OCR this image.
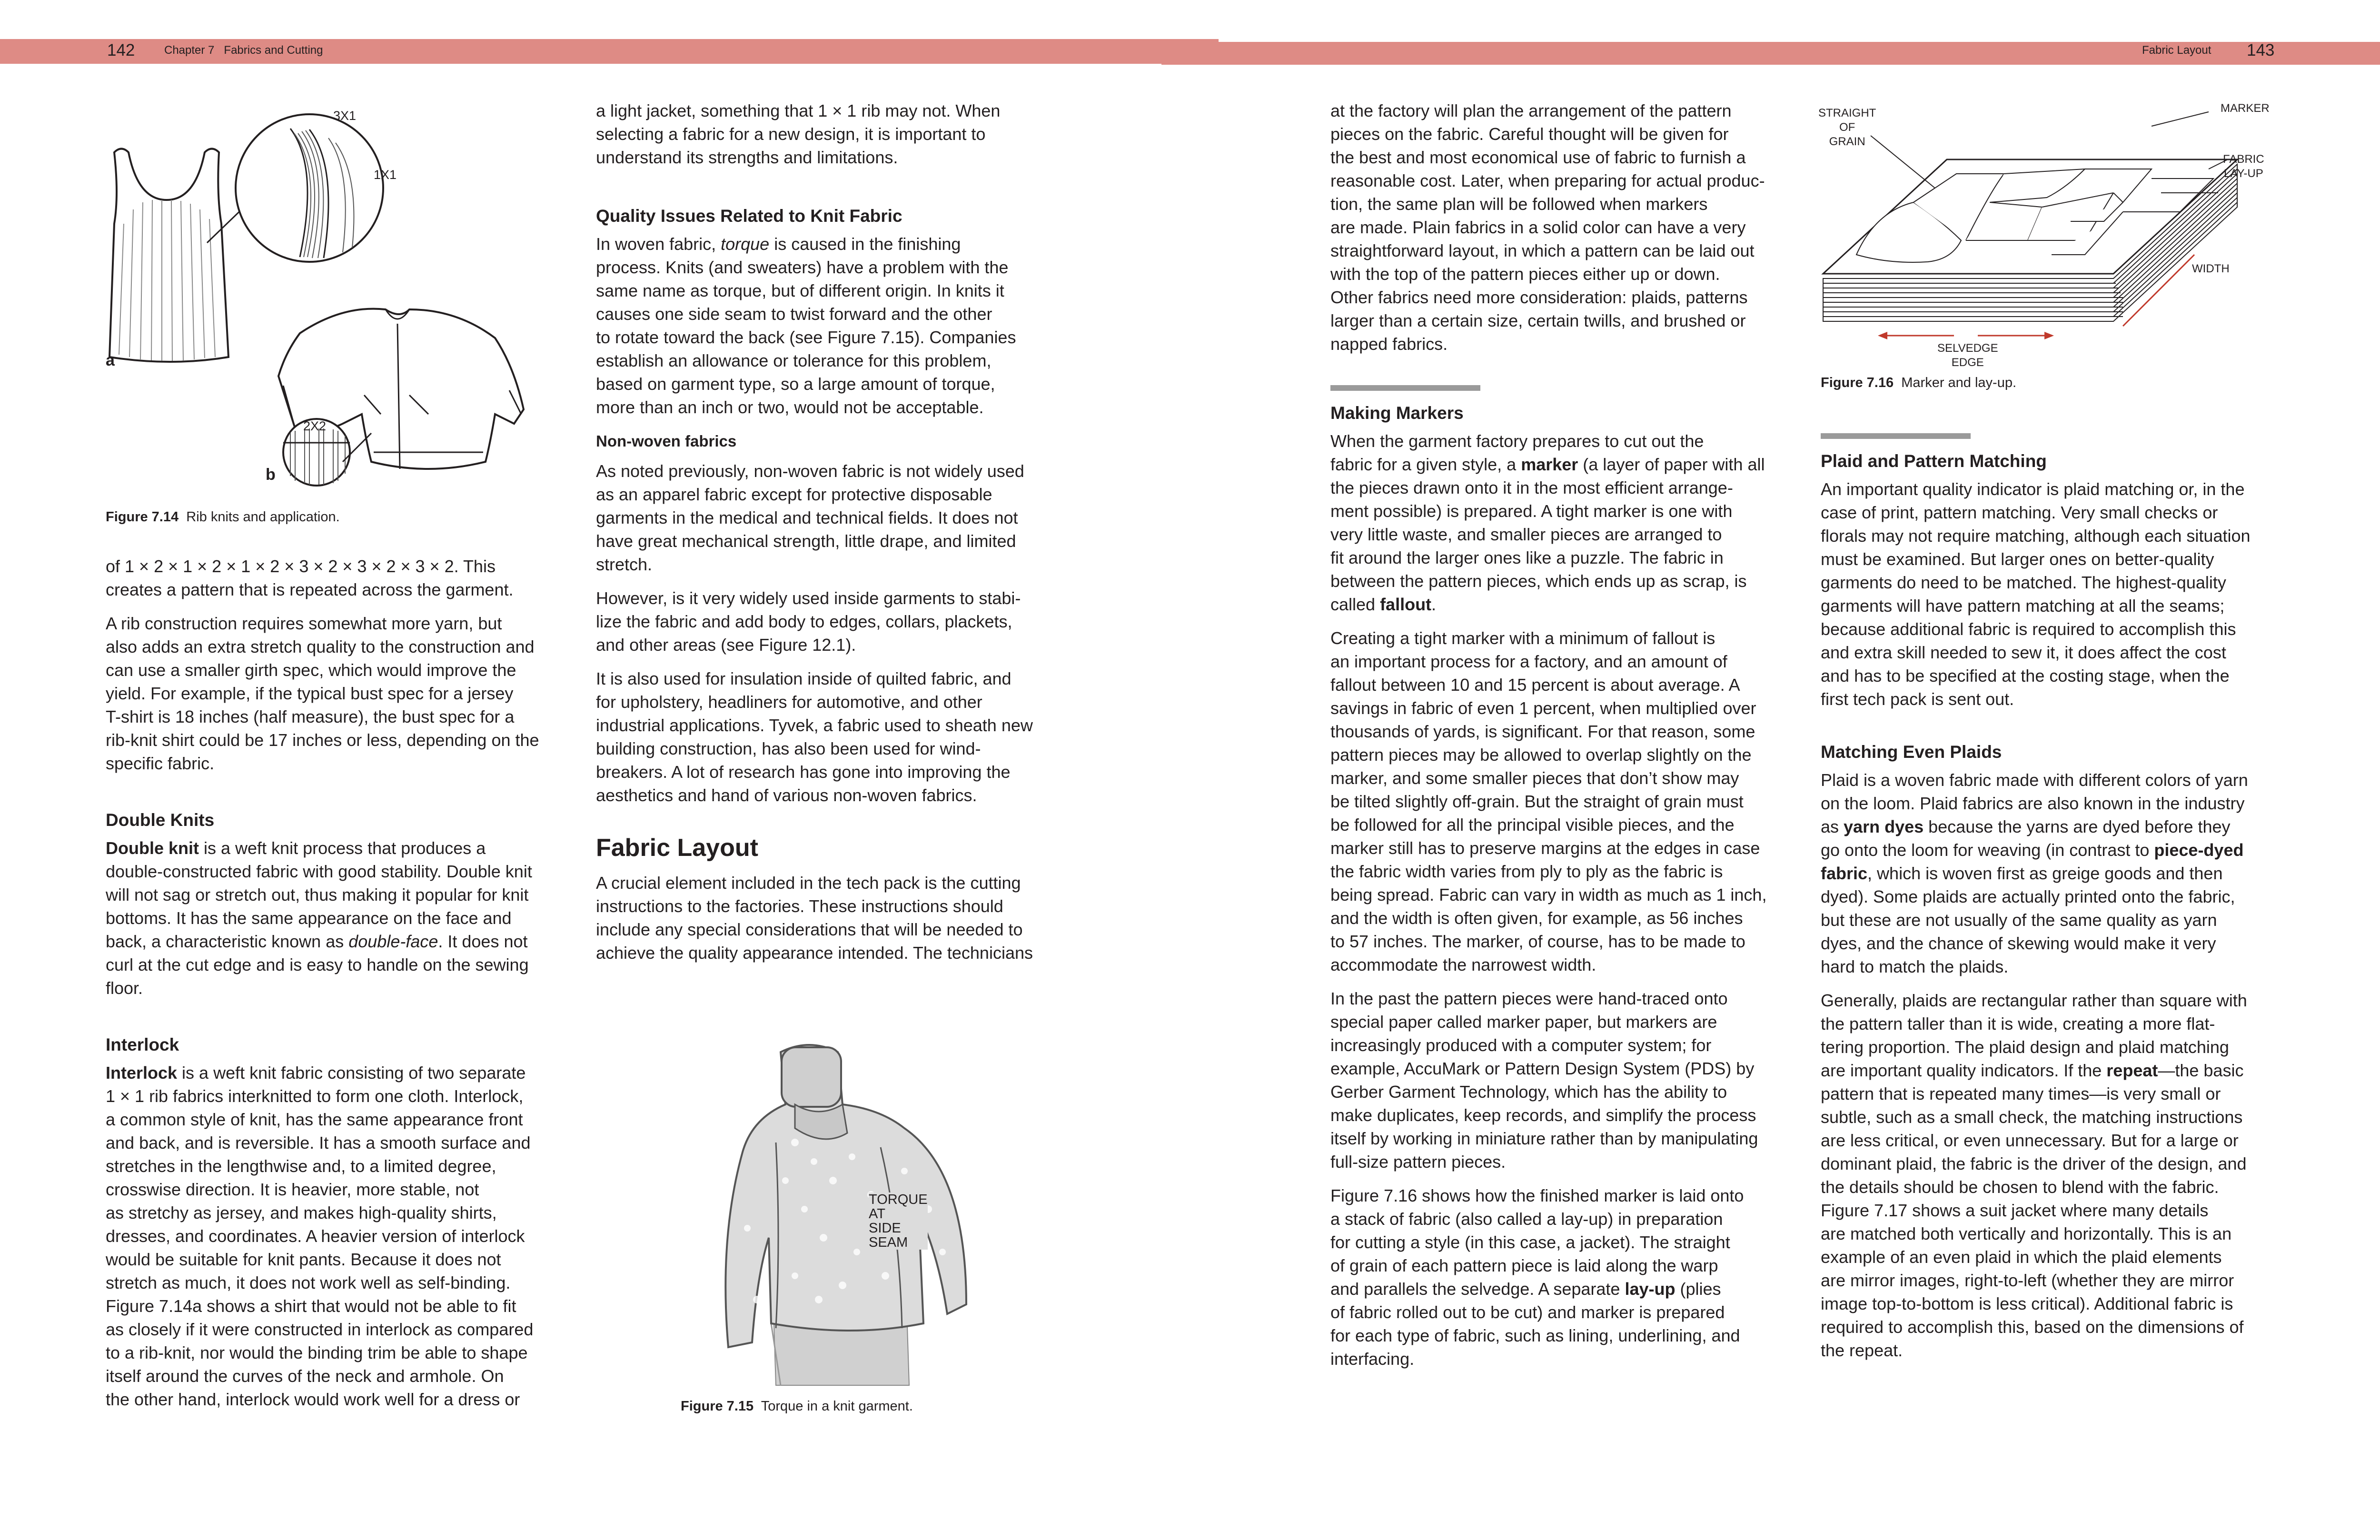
142	Chapter 7   Fabrics and Cutting	Fabric Layout 143
3X1
1X1
2X2
a
b
Figure 7.14 Rib knits and application.

of 1 × 2 × 1 × 2 × 1 × 2 × 3 × 2 × 3 × 2 × 3 × 2. This
creates a pattern that is repeated across the garment.

A rib construction requires somewhat more yarn, but
also adds an extra stretch quality to the construction and
can use a smaller girth spec, which would improve the
yield. For example, if the typical bust spec for a jersey
T-shirt is 18 inches (half measure), the bust spec for a
rib-knit shirt could be 17 inches or less, depending on the
specific fabric.

Double Knits

Double knit is a weft knit process that produces a
double-constructed fabric with good stability. Double knit
will not sag or stretch out, thus making it popular for knit
bottoms. It has the same appearance on the face and
back, a characteristic known as double-face. It does not
curl at the cut edge and is easy to handle on the sewing
floor.

Interlock

Interlock is a weft knit fabric consisting of two separate
1 × 1 rib fabrics interknitted to form one cloth. Interlock,
a common style of knit, has the same appearance front
and back, and is reversible. It has a smooth surface and
stretches in the lengthwise and, to a limited degree,
crosswise direction. It is heavier, more stable, not
as stretchy as jersey, and makes high-quality shirts,
dresses, and coordinates. A heavier version of interlock
would be suitable for knit pants. Because it does not
stretch as much, it does not work well as self-binding.
Figure 7.14a shows a shirt that would not be able to fit
as closely if it were constructed in interlock as compared
to a rib-knit, nor would the binding trim be able to shape
itself around the curves of the neck and armhole. On
the other hand, interlock would work well for a dress or

a light jacket, something that 1 × 1 rib may not. When
selecting a fabric for a new design, it is important to
understand its strengths and limitations.

Quality Issues Related to Knit Fabric

In woven fabric, torque is caused in the finishing
process. Knits (and sweaters) have a problem with the
same name as torque, but of different origin. In knits it
causes one side seam to twist forward and the other
to rotate toward the back (see Figure 7.15). Companies
establish an allowance or tolerance for this problem,
based on garment type, so a large amount of torque,
more than an inch or two, would not be acceptable.

Non-woven fabrics

As noted previously, non-woven fabric is not widely used
as an apparel fabric except for protective disposable
garments in the medical and technical fields. It does not
have great mechanical strength, little drape, and limited
stretch.

However, is it very widely used inside garments to stabi-
lize the fabric and add body to edges, collars, plackets,
and other areas (see Figure 12.1).

It is also used for insulation inside of quilted fabric, and
for upholstery, headliners for automotive, and other
industrial applications. Tyvek, a fabric used to sheath new
building construction, has also been used for wind-
breakers. A lot of research has gone into improving the
aesthetics and hand of various non-woven fabrics.

Fabric Layout

A crucial element included in the tech pack is the cutting
instructions to the factories. These instructions should
include any special considerations that will be needed to
achieve the quality appearance intended. The technicians

TORQUE
AT
SIDE
SEAM
Figure 7.15 Torque in a knit garment.

at the factory will plan the arrangement of the pattern
pieces on the fabric. Careful thought will be given for
the best and most economical use of fabric to furnish a
reasonable cost. Later, when preparing for actual produc-
tion, the same plan will be followed when markers
are made. Plain fabrics in a solid color can have a very
straightforward layout, in which a pattern can be laid out
with the top of the pattern pieces either up or down.
Other fabrics need more consideration: plaids, patterns
larger than a certain size, certain twills, and brushed or
napped fabrics.

Making Markers

When the garment factory prepares to cut out the
fabric for a given style, a marker (a layer of paper with all
the pieces drawn onto it in the most efficient arrange-
ment possible) is prepared. A tight marker is one with
very little waste, and smaller pieces are arranged to
fit around the larger ones like a puzzle. The fabric in
between the pattern pieces, which ends up as scrap, is
called fallout.

Creating a tight marker with a minimum of fallout is
an important process for a factory, and an amount of
fallout between 10 and 15 percent is about average. A
savings in fabric of even 1 percent, when multiplied over
thousands of yards, is significant. For that reason, some
pattern pieces may be allowed to overlap slightly on the
marker, and some smaller pieces that don’t show may
be tilted slightly off-grain. But the straight of grain must
be followed for all the principal visible pieces, and the
marker still has to preserve margins at the edges in case
the fabric width varies from ply to ply as the fabric is
being spread. Fabric can vary in width as much as 1 inch,
and the width is often given, for example, as 56 inches
to 57 inches. The marker, of course, has to be made to
accommodate the narrowest width.

In the past the pattern pieces were hand-traced onto
special paper called marker paper, but markers are
increasingly produced with a computer system; for
example, AccuMark or Pattern Design System (PDS) by
Gerber Garment Technology, which has the ability to
make duplicates, keep records, and simplify the process
itself by working in miniature rather than by manipulating
full-size pattern pieces.

Figure 7.16 shows how the finished marker is laid onto
a stack of fabric (also called a lay-up) in preparation
for cutting a style (in this case, a jacket). The straight
of grain of each pattern piece is laid along the warp
and parallels the selvedge. A separate lay-up (plies
of fabric rolled out to be cut) and marker is prepared
for each type of fabric, such as lining, underlining, and
interfacing.

STRAIGHT
OF
GRAIN
MARKER
FABRIC
LAY-UP
WIDTH
SELVEDGE
EDGE
Figure 7.16 Marker and lay-up.
Plaid and Pattern Matching

An important quality indicator is plaid matching or, in the
case of print, pattern matching. Very small checks or
florals may not require matching, although each situation
must be examined. But larger ones on better-quality
garments do need to be matched. The highest-quality
garments will have pattern matching at all the seams;
because additional fabric is required to accomplish this
and extra skill needed to sew it, it does affect the cost
and has to be specified at the costing stage, when the
first tech pack is sent out.

Matching Even Plaids

Plaid is a woven fabric made with different colors of yarn
on the loom. Plaid fabrics are also known in the industry
as yarn dyes because the yarns are dyed before they
go onto the loom for weaving (in contrast to piece-dyed
fabric, which is woven first as greige goods and then
dyed). Some plaids are actually printed onto the fabric,
but these are not usually of the same quality as yarn
dyes, and the chance of skewing would make it very
hard to match the plaids.

Generally, plaids are rectangular rather than square with
the pattern taller than it is wide, creating a more flat-
tering proportion. The plaid design and plaid matching
are important quality indicators. If the repeat—the basic
pattern that is repeated many times—is very small or
subtle, such as a small check, the matching instructions
are less critical, or even unnecessary. But for a large or
dominant plaid, the fabric is the driver of the design, and
the details should be chosen to blend with the fabric.
Figure 7.17 shows a suit jacket where many details
are matched both vertically and horizontally. This is an
example of an even plaid in which the plaid elements
are mirror images, right-to-left (whether they are mirror
image top-to-bottom is less critical). Additional fabric is
required to accomplish this, based on the dimensions of
the repeat.
